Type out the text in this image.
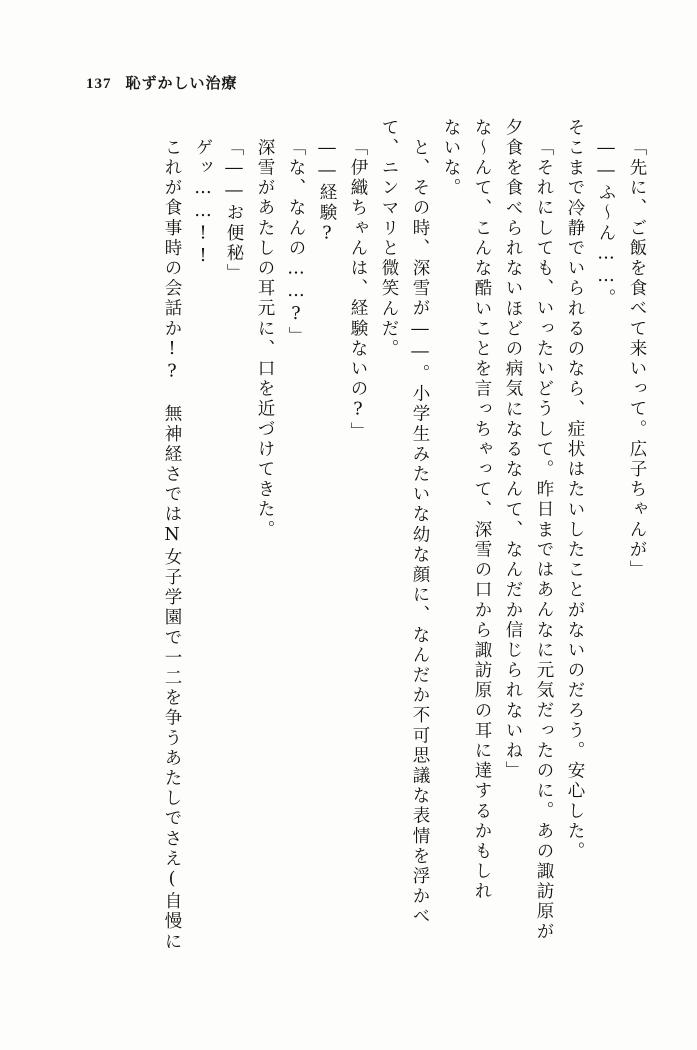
137 恥ずかしい治療
「先に、ご飯を食べて来いって。広子ちゃんが」
――ふ〜ん……。
そこまで冷静でいられるのなら、症状はたいしたことがないのだろう。安心した。
「それにしても、いったいどうして。昨日まではあんなに元気だったのに。あの諏訪原が
夕食を食べられないほどの病気になるなんて、なんだか信じられないね」
な〜んて、こんな酷いことを言っちゃって、深雪の口から諏訪原の耳に達するかもしれ
ないな。
と、その時、深雪が――。小学生みたいな幼な顔に、なんだか不可思議な表情を浮かべ
て、ニンマリと微笑んだ。
「伊織ちゃんは、経験ないの?」
――経験?
「な、なんの……?」
深雪があたしの耳元に、口を近づけてきた。
「――お便秘」
ゲッ……!!
これが食事時の会話か!?　無神経さではN女子学園で一二を争うあたしでさえ(自慢に
